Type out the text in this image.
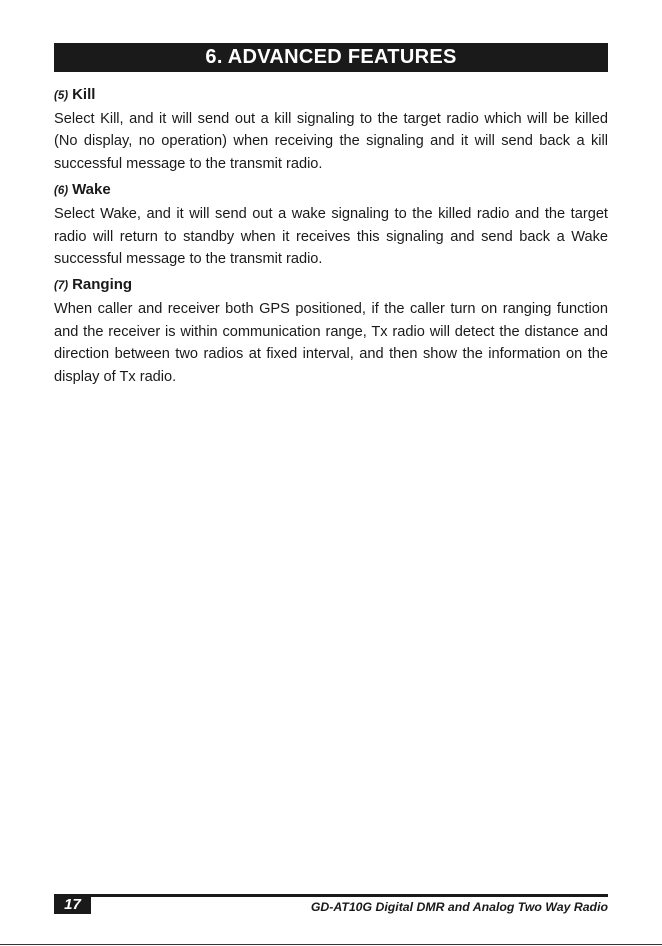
6. ADVANCED FEATURES
(5) Kill

Select Kill, and it will send out a kill signaling to the target radio which will be killed (No display, no operation) when receiving the signaling and it will send back a kill successful message to the transmit radio.

(6) Wake

Select Wake, and it will send out a wake signaling to the killed radio and the target radio will return to standby when it receives this signaling and send back a Wake successful message to the transmit radio.

(7) Ranging

When caller and receiver both GPS positioned, if the caller turn on ranging function and the receiver is within communication range, Tx radio will detect the distance and direction between two radios at fixed interval, and then show the information on the display of Tx radio.

17	GD-AT10G Digital DMR and Analog Two Way Radio
